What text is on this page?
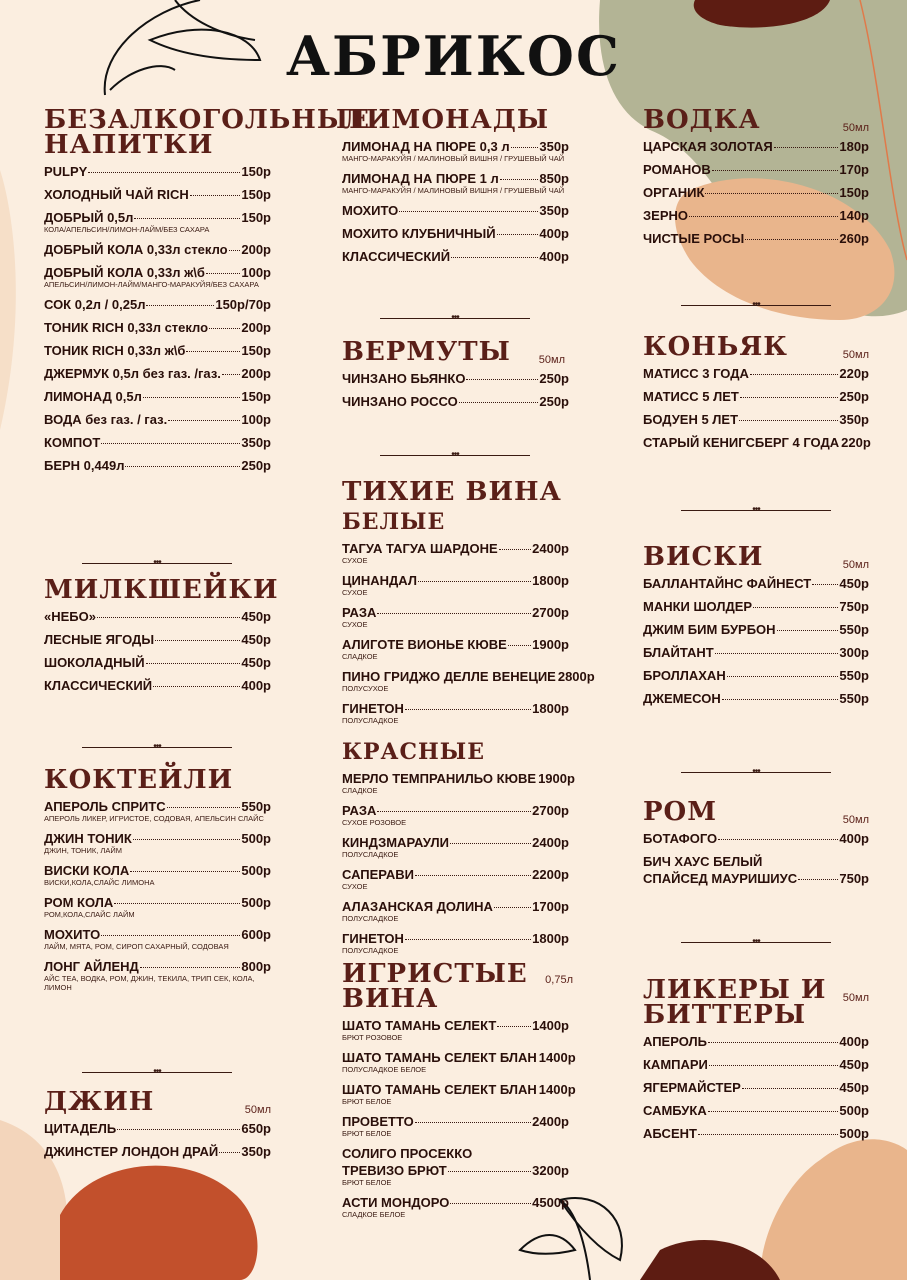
АБРИКОС
БЕЗАЛКОГОЛЬНЫЕ НАПИТКИ
PULPY	150р
ХОЛОДНЫЙ ЧАЙ RICH	150р
ДОБРЫЙ 0,5л	150р
КОЛА/АПЕЛЬСИН/ЛИМОН-ЛАЙМ/БЕЗ САХАРА
ДОБРЫЙ КОЛА 0,33л стекло 200р
ДОБРЫЙ КОЛА 0,33л ж\б	100р
АПЕЛЬСИН/ЛИМОН-ЛАЙМ/МАНГО-МАРАКУЙЯ/БЕЗ САХАРА
СОК 0,2л / 0,25л	150р/70р
ТОНИК RICH 0,33л стекло	200р
ТОНИК RICH 0,33л ж\б	150р
ДЖЕРМУК 0,5л без газ. /газ. 200р
ЛИМОНАД 0,5л	150р
ВОДА без газ. / газ.	100р
КОМПОТ	350р
БЕРН 0,449л	250р
МИЛКШЕЙКИ
«НЕБО»	450р
ЛЕСНЫЕ ЯГОДЫ	450р
ШОКОЛАДНЫЙ	450р
КЛАССИЧЕСКИЙ	400р
КОКТЕЙЛИ
АПЕРОЛЬ СПРИТС	550р
АПЕРОЛЬ ЛИКЕР, ИГРИСТОЕ, СОДОВАЯ, АПЕЛЬСИН СЛАЙС
ДЖИН ТОНИК	500р
ДЖИН, ТОНИК, ЛАЙМ
ВИСКИ КОЛА	500р
ВИСКИ,КОЛА,СЛАЙС ЛИМОНА
РОМ КОЛА	500р
РОМ,КОЛА,СЛАЙС ЛАЙМ
МОХИТО	600р
ЛАЙМ, МЯТА, РОМ, СИРОП САХАРНЫЙ, СОДОВАЯ
ЛОНГ АЙЛЕНД	800р
АЙС ТЕА, ВОДКА, РОМ, ДЖИН, ТЕКИЛА, ТРИП СЕК, КОЛА, ЛИМОН
ДЖИН	50мл
ЦИТАДЕЛЬ	650р
ДЖИНСТЕР ЛОНДОН ДРАЙ 350р
•••
•••
•••
ЛИМОНАДЫ
ЛИМОНАД НА ПЮРЕ 0,3 л 350р
МАНГО-МАРАКУЙЯ / МАЛИНОВЫЙ ВИШНЯ / ГРУШЕВЫЙ ЧАЙ
ЛИМОНАД НА ПЮРЕ 1 л	850р
МАНГО-МАРАКУЙЯ / МАЛИНОВЫЙ ВИШНЯ / ГРУШЕВЫЙ ЧАЙ
МОХИТО	350р
МОХИТО КЛУБНИЧНЫЙ	400р
КЛАССИЧЕСКИЙ	400р
ВЕРМУТЫ	50мл
ЧИНЗАНО БЬЯНКО	250р
ЧИНЗАНО РОССО	250р
ТИХИЕ ВИНА
БЕЛЫЕ
ТАГУА ТАГУА ШАРДОНЕ	2400р
СУХОЕ
ЦИНАНДАЛ	1800р
СУХОЕ
РАЗА	2700р
СУХОЕ
АЛИГОТЕ ВИОНЬЕ КЮВЕ 1900р
СЛАДКОЕ
ПИНО ГРИДЖО ДЕЛЛЕ ВЕНЕЦИЕ 2800р
ПОЛУСУХОЕ
ГИНЕТОН	1800р
ПОЛУСЛАДКОЕ
КРАСНЫЕ
МЕРЛО ТЕМПРАНИЛЬО КЮВЕ 1900р
СЛАДКОЕ
РАЗА	2700р
СУХОЕ РОЗОВОЕ
КИНДЗМАРАУЛИ	2400р
ПОЛУСЛАДКОЕ
САПЕРАВИ	2200р
СУХОЕ
АЛАЗАНСКАЯ ДОЛИНА	1700р
ПОЛУСЛАДКОЕ
ГИНЕТОН	1800р
ПОЛУСЛАДКОЕ
ИГРИСТЫЕ ВИНА
0,75л
ШАТО ТАМАНЬ СЕЛЕКТ	1400р
БРЮТ РОЗОВОЕ
ШАТО ТАМАНЬ СЕЛЕКТ БЛАН 1400р
ПОЛУСЛАДКОЕ БЕЛОЕ
ШАТО ТАМАНЬ СЕЛЕКТ БЛАН 1400р
БРЮТ БЕЛОЕ
ПРОВЕТТО	2400р
БРЮТ БЕЛОЕ
СОЛИГО ПРОСЕККО
ТРЕВИЗО БРЮТ	3200р
БРЮТ БЕЛОЕ
АСТИ МОНДОРО	4500р
СЛАДКОЕ БЕЛОЕ
•••
•••
ВОДКА	50мл
ЦАРСКАЯ ЗОЛОТАЯ	180р
РОМАНОВ	170р
ОРГАНИК	150р
ЗЕРНО	140р
ЧИСТЫЕ РОСЫ	260р
КОНЬЯК	50мл
МАТИСС 3 ГОДА	220р
МАТИСС 5 ЛЕТ	250р
БОДУЕН 5 ЛЕТ	350р
СТАРЫЙ КЕНИГСБЕРГ 4 ГОДА 220р
ВИСКИ	50мл
БАЛЛАНТАЙНС ФАЙНЕСТ 450р
МАНКИ ШОЛДЕР	750р
ДЖИМ БИМ БУРБОН	550р
БЛАЙТАНТ	300р
БРОЛЛАХАН	550р
ДЖЕМЕСОН	550р
РОМ	50мл
БОТАФОГО	400р
БИЧ ХАУС БЕЛЫЙ
СПАЙСЕД МАУРИШИУС	750р
ЛИКЕРЫ И БИТТЕРЫ
50мл
АПЕРОЛЬ	400р
КАМПАРИ	450р
ЯГЕРМАЙСТЕР	450р
САМБУКА	500р
АБСЕНТ	500р
•••
•••
•••
•••
